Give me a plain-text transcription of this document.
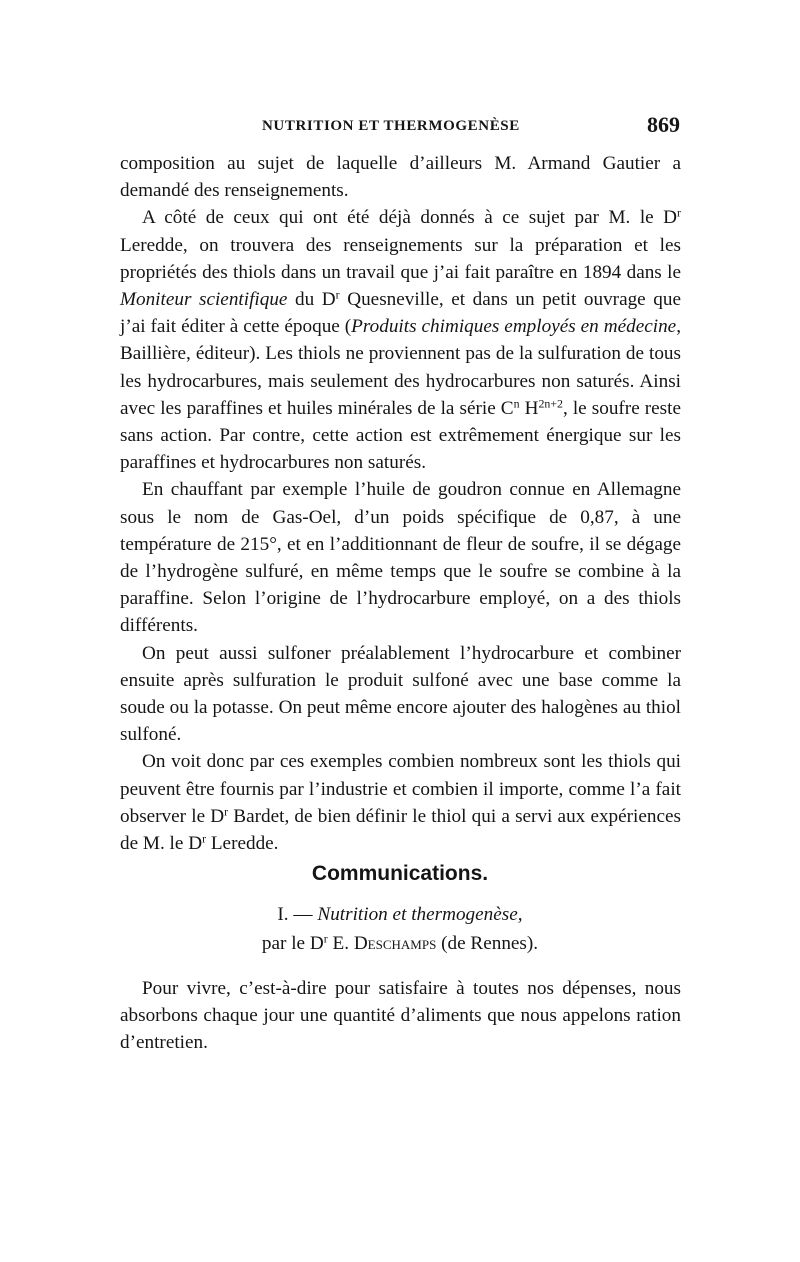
NUTRITION ET THERMOGENÈSE	869

composition au sujet de laquelle d’ailleurs M. Armand Gautier a demandé des renseignements.

A côté de ceux qui ont été déjà donnés à ce sujet par M. le $D^r$ Leredde, on trouvera des renseignements sur la préparation et les propriétés des thiols dans un travail que j’ai fait paraître en 1894 dans le Moniteur scientifique du $D^r$ Quesneville, et dans un petit ouvrage que j’ai fait éditer à cette époque (Produits chimiques employés en médecine, Baillière, éditeur). Les thiols ne proviennent pas de la sulfuration de tous les hydrocarbures, mais seulement des hydrocarbures non saturés. Ainsi avec les paraffines et huiles minérales de la série $C^n$ $H^{2n+2}$, le soufre reste sans action. Par contre, cette action est extrêmement énergique sur les paraffines et hydrocarbures non saturés.

En chauffant par exemple l’huile de goudron connue en Allemagne sous le nom de Gas-Oel, d’un poids spécifique de 0,87, à une température de 215°, et en l’additionnant de fleur de soufre, il se dégage de l’hydrogène sulfuré, en même temps que le soufre se combine à la paraffine. Selon l’origine de l’hydrocarbure employé, on a des thiols différents.

On peut aussi sulfoner préalablement l’hydrocarbure et combiner ensuite après sulfuration le produit sulfoné avec une base comme la soude ou la potasse. On peut même encore ajouter des halogènes au thiol sulfoné.

On voit donc par ces exemples combien nombreux sont les thiols qui peuvent être fournis par l’industrie et combien il importe, comme l’a fait observer le $D^r$ Bardet, de bien définir le thiol qui a servi aux expériences de M. le $D^r$ Leredde.

Communications.
I. — Nutrition et thermogenèse,
par le $D^r$ E. Deschamps (de Rennes).

Pour vivre, c’est-à-dire pour satisfaire à toutes nos dépenses, nous absorbons chaque jour une quantité d’aliments que nous appelons ration d’entretien.
